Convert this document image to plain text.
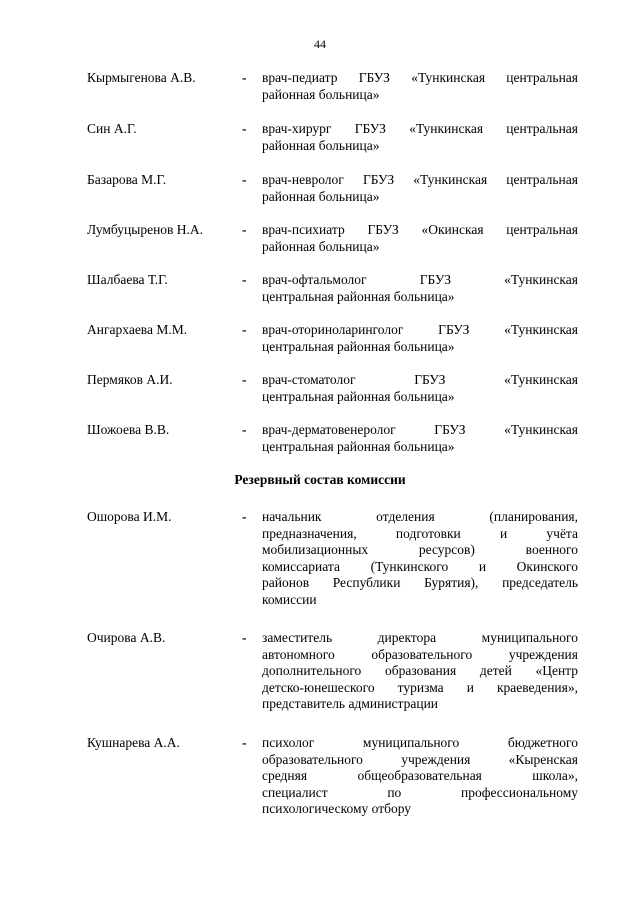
44
Кырмыгенова А.В.	- врач-педиатр ГБУЗ «Тункинская центральная
районная больница»
Син А.Г.	- врач-хирург ГБУЗ «Тункинская центральная
районная больница»
Базарова М.Г.	- врач-невролог ГБУЗ «Тункинская центральная
районная больница»
Лумбуцыренов Н.А.	- врач-психиатр ГБУЗ «Окинская центральная
районная больница»
Шалбаева Т.Г.	- врач-офтальмолог ГБУЗ «Тункинская
центральная районная больница»
Ангархаева М.М.	- врач-оториноларинголог ГБУЗ «Тункинская
центральная районная больница»
Пермяков А.И.	- врач-стоматолог ГБУЗ «Тункинская
центральная районная больница»
Шожоева В.В.	- врач-дерматовенеролог ГБУЗ «Тункинская
центральная районная больница»
Резервный состав комиссии
Ошорова И.М.	- начальник отделения (планирования,
предназначения, подготовки и учёта
мобилизационных ресурсов) военного
комиссариата (Тункинского и Окинского
районов Республики Бурятия), председатель
комиссии
Очирова А.В.	- заместитель директора муниципального
автономного образовательного учреждения
дополнительного образования детей «Центр
детско-юнешеского туризма и краеведения»,
представитель администрации
Кушнарева А.А.	- психолог муниципального бюджетного
образовательного учреждения «Кыренская
средняя общеобразовательная школа»,
специалист по профессиональному
психологическому отбору
